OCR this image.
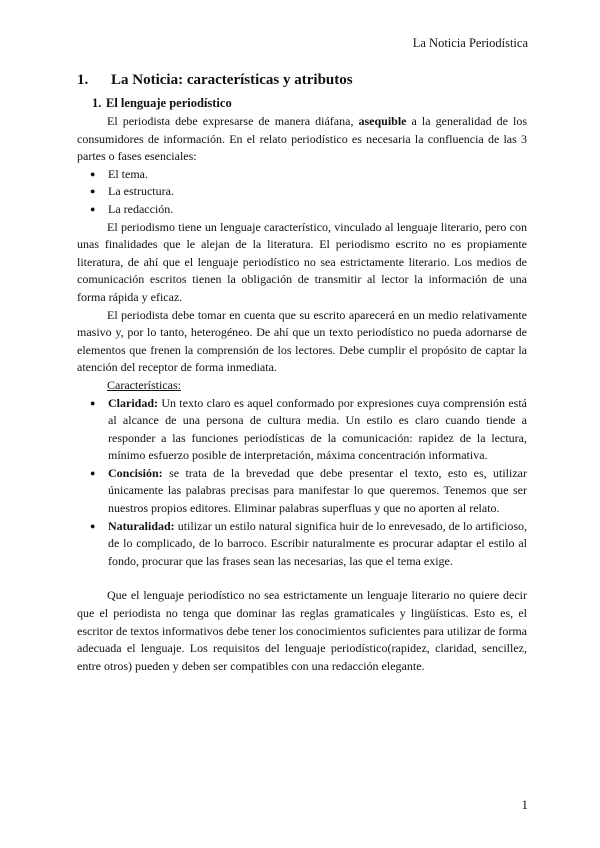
La Noticia Periodística
1.	La Noticia: características y atributos
1. El lenguaje periodístico

El periodista debe expresarse de manera diáfana, asequible a la generalidad de los consumidores de información. En el relato periodístico es necesaria la confluencia de las 3 partes o fases esenciales:

● El tema.
● La estructura.
● La redacción.

El periodismo tiene un lenguaje característico, vinculado al lenguaje literario, pero con unas finalidades que le alejan de la literatura. El periodismo escrito no es propiamente literatura, de ahí que el lenguaje periodístico no sea estrictamente literario. Los medios de comunicación escritos tienen la obligación de transmitir al lector la información de una forma rápida y eficaz.

El periodista debe tomar en cuenta que su escrito aparecerá en un medio relativamente masivo y, por lo tanto, heterogéneo. De ahí que un texto periodístico no pueda adornarse de elementos que frenen la comprensión de los lectores. Debe cumplir el propósito de captar la atención del receptor de forma inmediata.

Características:
● Claridad: Un texto claro es aquel conformado por expresiones cuya comprensión está al alcance de una persona de cultura media. Un estilo es claro cuando tiende a responder a las funciones periodísticas de la comunicación: rapidez de la lectura, mínimo esfuerzo posible de interpretación, máxima concentración informativa.
● Concisión: se trata de la brevedad que debe presentar el texto, esto es, utilizar únicamente las palabras precisas para manifestar lo que queremos. Tenemos que ser nuestros propios editores. Eliminar palabras superfluas y que no aporten al relato.
● Naturalidad: utilizar un estilo natural significa huir de lo enrevesado, de lo artificioso, de lo complicado, de lo barroco. Escribir naturalmente es procurar adaptar el estilo al fondo, procurar que las frases sean las necesarias, las que el tema exige.

Que el lenguaje periodístico no sea estrictamente un lenguaje literario no quiere decir que el periodista no tenga que dominar las reglas gramaticales y lingüísticas. Esto es, el escritor de textos informativos debe tener los conocimientos suficientes para utilizar de forma adecuada el lenguaje. Los requisitos del lenguaje periodístico(rapidez, claridad, sencillez, entre otros) pueden y deben ser compatibles con una redacción elegante.

1
